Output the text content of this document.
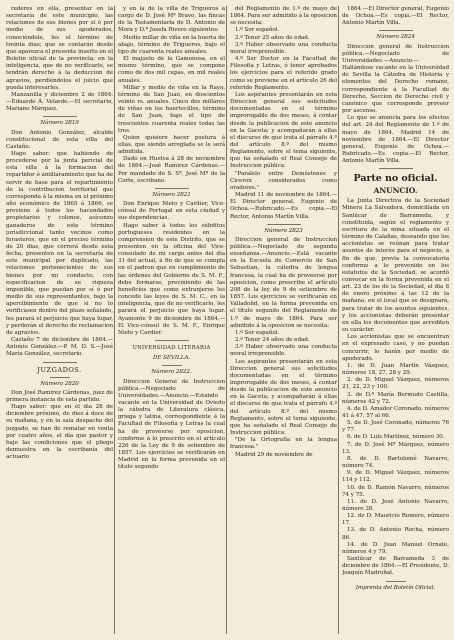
rederes en ella, presentar en la secretaría de este municipio, las relaciones de sus bienes por si ó por medio de sus apoderados, conociéndole, les el término de treinta dias; que se contarán desde que aparezca el presente inserto en el Boletin oficial de la provincia; en la inteligencia, que de no verificarlo, se tendrán derecho á la deduccion de agravios, perdiéndolos el juicio que pueda interesarles.

Manzanilla y diciembre 2 de 1864.—Eduardo Á. Velarde.—El secretario, Mariano Márquez.

Número 2819

Don Antonio González, alcalde constitucional de esta villa del Castaño.

Hago saber: que habiendo de procederse por la junta pericial de esta villa á la formacion del repartidor ó amillaramiento que ha de servir de base para el repartimiento de la contribucion territorial que corresponda á la misma en el próximo año económico de 1865 á 1866, se previene á todos los hacendados propietarios y colonos, asíconzo ganaderos de este término jurisdiccional tanto vecinos como forasteros, que en el preciso término de 20 dias, que correrá desde esta fecha, presenten en la secretaría de este municipal por duplicado, las relaciones pertenecientes de sus bienes por mi conducto, con especificacion de su riqueza imponible, que puedan por sí ó por medio de sus representantes, bajo la apercibimiento de que si no lo verificasen dentro del plazo señalado, les parará el perjuicio que haya lugar, y perderán el derecho de reclamacion de agravios.

Castaño 7 de diciembre de 1864.—Antonio González.—P. M. D. S.—José María González, secretario.

JUZGADOS.

Número 2820

Don José Ramirez Cárdenas, juez de primera instancia de esta partido.

Hago saber: que en el dia 28 de diciembre próximo, de diez á doce de su mañana, y en la sala despacho del juzgado, se han de rematar en venta por cuatro años, el día que pastor y bajo las condiciones que el pliego demuestra en la escribanía del actuario

y en la de la villa de Trigueros á cargo de D. José Mª Bravo, las fincas de la Testamentaría de D. Antonio de Mora y D.ª Josefa Rivero siguientes:

Medio millar de viña en la huerta de abajo, término de Trigueros, bajo el tipo de cuarenta reales anuales.

El majuelo de la Gamonosa, en el mismo término, que se compone como de dos mil cepas, en mil reales anuales.

Millar y medio de viña en la Raya, término de San Juan, en doscientos veinte rs. anuales. Cinco dos millares de viñas en los huertecillos, término de San Juan, bajo el tipo de trescientos cuarenta reales todas las tres.

Quien quisiere hacer postura á ellas, que siendo arreglada se le será admitida.

Dado en Huelva á 28 de noviembre de 1864.—José Ramirez Cárdenas.—Por mandado de S. Sª, José Mª de la Corte, escribano.

Número 2821

Don Enrique Nieto y Cardier, Vice-cónsul de Portugal en esta ciudad y sus dependencias.

Hago saber á todos los súbditos portugueses residentes en la comprension de este Distrito, que se presenten en la oficina del Vice-consulado de mi cargo antes del dia 31 del actual, á fin de que se cumpla en el padron que en cumplimiento de las órdenes del Gobierno de S. M. F., debe formarse, previniendo de las beneficios que como extranjeros les concede las leyes de S. M. C., en la inteligencia, que de no verificarlo, les parará el perjuicio que haya lugar. Ayamonte 9 de diciembre de 1864.—El Vice-cónsul de S. M. F., Enrique Nieto y Cardier.

UNIVERSIDAD LITERARIA

DE SEVILLA.

Número 2822.

Direccion General de Instruccion pública.—Negociado de Universidades.—Anuncio.—Estando vacante en la Universidad de Oviedo la cátedra de Literatura clásica, griega y latina, correspondiente á la Facultad de Filosofía y Letras la cual ha de proveerse por oposicion, conforme á lo prescrito en el artículo 226 de la Ley de 9 de setiembre de 1857. Los ejercicios se verificarán en Madrid en la forma prevenida en el título segundo

del Reglamento de 1.º de mayo de 1864. Para ser admitido á la oposicion se necesita:

1.º Ser español.

2.º Tener 25 años de edad.

3.º Haber observado una conducta moral irreprensible.

4.º Ser Doctor en la Facultad de Filosofía y Letras, ó tener aprobados los ejercicios para el referido grado como se previene en el artículo 26 del referido Reglamento.

Los aspirantes presentarán en esta Direccion general sus solicitudes documentadas en el término improrogable de dos meses, á contar desde la publicacion de este anuncio en la Gaceta; y acompañarán á ellas el discurso de que trata el párrafo 4.º del artículo 8.º del mismo Reglamento, sobre el tema siguiente, que ha señalado el Real Consejo de Instruccion pública:

"Paralelo entre Demóstenes y Ciceron considerados como oradores."

Madrid 11 de noviembre de 1864.—El Director general, Eugenio de Ochoa.—Rubricado.—Es copia.—El Rector, Antonio Martín Villa.

Número 2823

Direccion general de Instruccion pública.—Negociado de segunda enseñanza.—Anuncio.—Está vacante en la Escuela de Comercio de San Sebastian, la cátedra de lengua francesa, la cual ha de proveerse por oposicion, como prescribe el artículo 208 de la ley de 9 de setiembre de 1857. Los ejercicios se verificarán en Valladolid, en la forma prevenida en el título segundo del Reglamento de 1.º de mayo de 1864. Para ser admitido á la oposicion se necesita:

1.º Ser español.

2.º Tener 24 años de edad.

3.º Haber observado una conducta moral irreprensible.

Los aspirantes presentarán en esta Direccion general sus solicitudes documentadas en el término improrogable de dos meses, á contar desde la publicacion de este anuncio en la Gaceta; y acompañarán á ellas el discurso de que trata el párrafo 4.º del artículo 8.º del mismo Reglamento, sobre el tema siguiente, que ha señalado el Real Consejo de Instruccion pública:

"De la Ortografía en la lengua francesa."

Madrid 29 de noviembre de

1864.—El Director general, Eugenio de Ochoa.—Es copia.—El Rector, Antonio Martín Villa.

Número 2824

Direccion general de Instruccion pública.—Negociado de Universidades.—Anuncio.—Hallándose vacante en la Universidad de Sevilla la Cátedra de Historia y elementos del Derecho romano, correspondiente á la Facultad de Derecho, Seccion de Derecho civil y canónico que corresponde proveer por ascenso.

Lo que se anuncia para los efectos del art. 24 del Reglamento de 1.º de mayo de 1864. Madrid 14 de noviembre de 1864.—El Director general, Eugenio de Ochoa.—Rubricado.—Es copia.—El Rector, Antonio Martín Villa.

Parte no oficial.

ANUNCIO.

La Junta Directiva de la Sociedad Minera La Salvadora, domiciliada en Sanlúcar de Barrameda, y constituida, según el reglamento y escritura de la mina situada en el término de Calañas, deseando que los accionistas se reúnan para tratar asuntos de interés para el negocio, a fin de que, previa la convocatoria conforme a lo prevenido en los estatutos de la Sociedad, se acordó convocar en la forma prevenida en el art. 23 de los de la Sociedad, el dia 8 de enero próximo á las 12 de la mañana, en el local que se designará, para tratar de los asuntos siguientes, y los accionistas deberán presentar en ella los documentos que acrediten su carácter.

Los accionistas que se encuentran en el expresado caso, y no puedan concurrir, lo harán por medio de apoderado.

1. de D. Juan Martín Vázquez, números 18, 27, 28 y 29.

2. de D. Miguel Vázquez, números 21, 22, 23 y 100.

3. de D.ª María Bermudo Castilla, números 42 y 72.

4. de D. Amador Coronado, números 41 á 47, 57 al 66.

5. de D. José Coronado, números 76 y 77.

6. de D. Luis Martínez, número 30.

7. de D. José Mª Márquez, número 13.

8. de D. Bartolomé Navarro, número 74.

9. de D. Miguel Vázquez, números 114 y 112.

10. de D. Ramón Navarro, números 74 y 75.

11. de D. José Antonio Navarro, número 38.

12. de D. Mauricio Romero, número 17.

13. de D. Antonio Rocha, número 86.

14. de D. Juan Manuel Ornate, números 4 y 79.

Sanlúcar de Barrameda 3 de diciembre de 1864.—El Presidente, D. Joaquín Madroñal.

Imprenta del Boletín Oficial.
